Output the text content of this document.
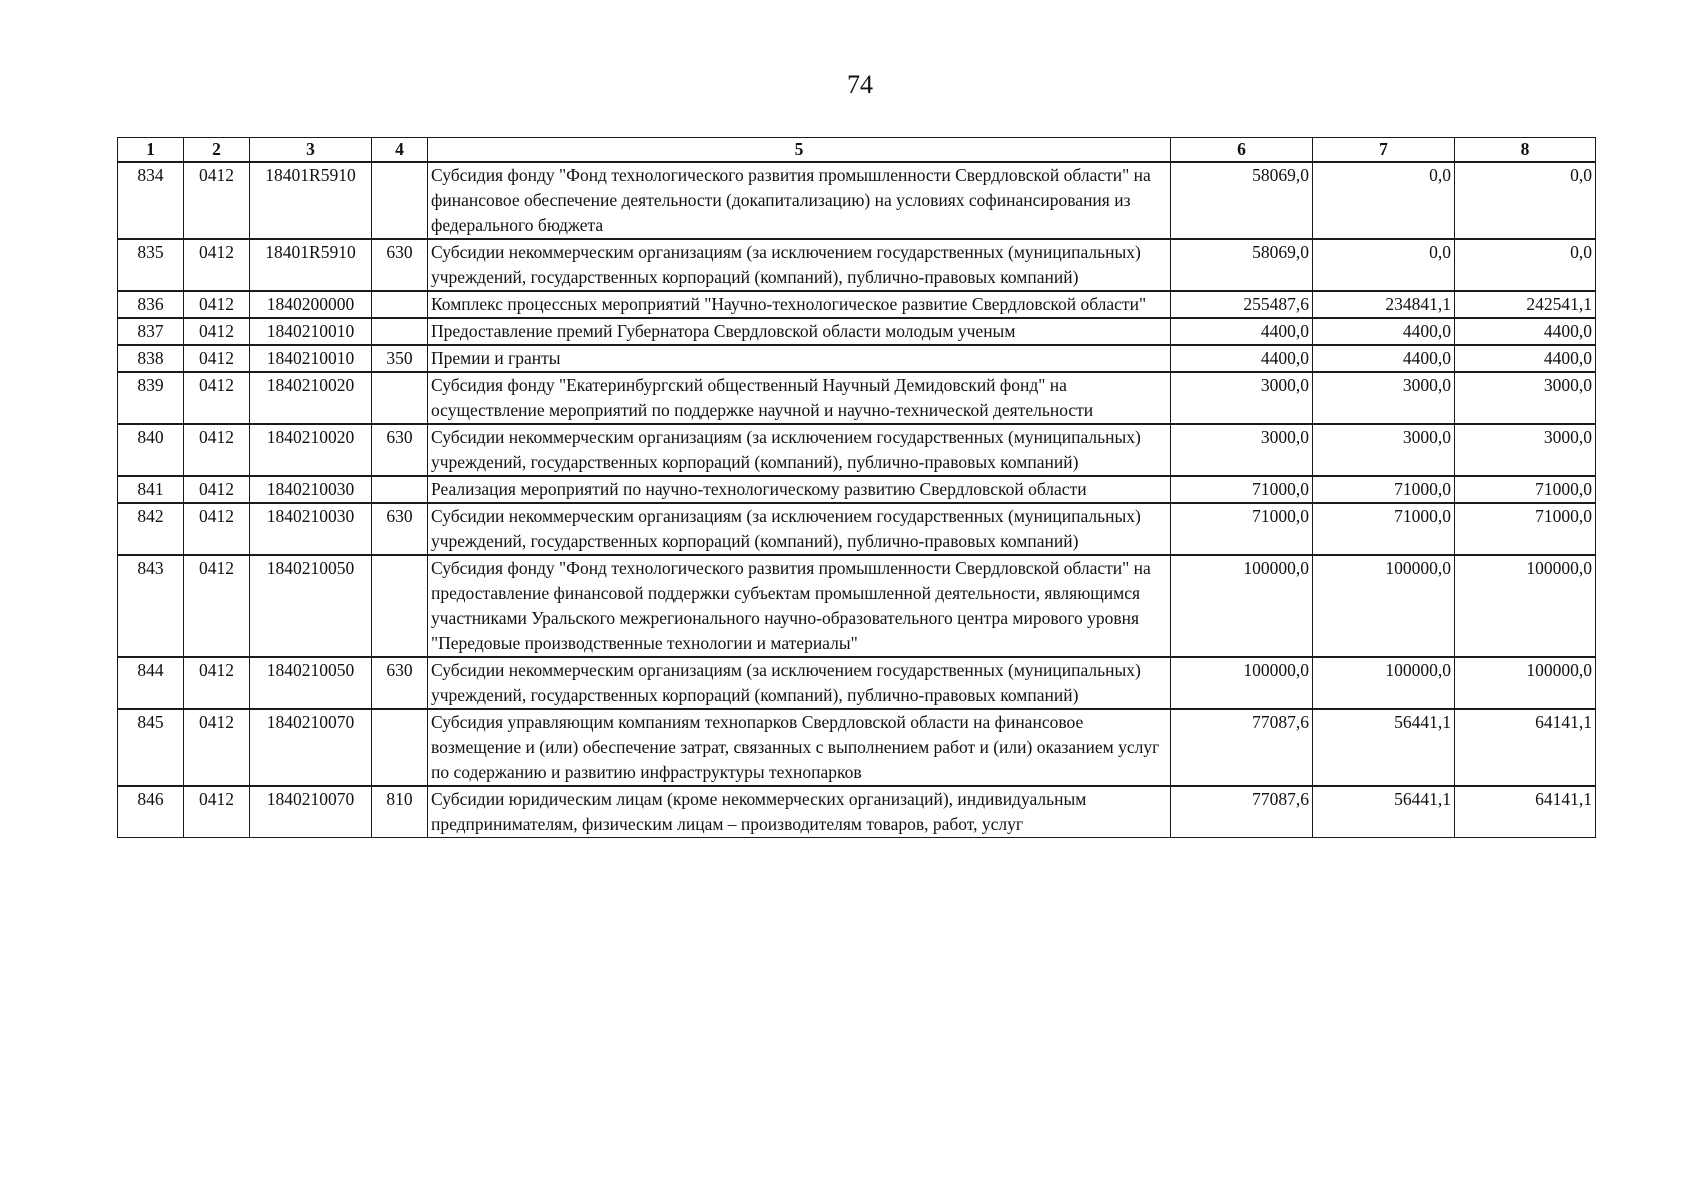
74
1	2	3	4	5	6	7	8
834	0412	18401R5910		Субсидия фонду "Фонд технологического развития промышленности Свердловской области" на финансовое обеспечение деятельности (докапитализацию) на условиях софинансирования из федерального бюджета	58069,0	0,0	0,0
835	0412	18401R5910	630	Субсидии некоммерческим организациям (за исключением государственных (муниципальных) учреждений, государственных корпораций (компаний), публично-правовых компаний)	58069,0	0,0	0,0
836	0412	1840200000		Комплекс процессных мероприятий "Научно-технологическое развитие Свердловской области"	255487,6	234841,1	242541,1
837	0412	1840210010		Предоставление премий Губернатора Свердловской области молодым ученым	4400,0	4400,0	4400,0
838	0412	1840210010	350	Премии и гранты	4400,0	4400,0	4400,0
839	0412	1840210020		Субсидия фонду "Екатеринбургский общественный Научный Демидовский фонд" на осуществление мероприятий по поддержке научной и научно-технической деятельности	3000,0	3000,0	3000,0
840	0412	1840210020	630	Субсидии некоммерческим организациям (за исключением государственных (муниципальных) учреждений, государственных корпораций (компаний), публично-правовых компаний)	3000,0	3000,0	3000,0
841	0412	1840210030		Реализация мероприятий по научно-технологическому развитию Свердловской области	71000,0	71000,0	71000,0
842	0412	1840210030	630	Субсидии некоммерческим организациям (за исключением государственных (муниципальных) учреждений, государственных корпораций (компаний), публично-правовых компаний)	71000,0	71000,0	71000,0
843	0412	1840210050		Субсидия фонду "Фонд технологического развития промышленности Свердловской области" на предоставление финансовой поддержки субъектам промышленной деятельности, являющимся участниками Уральского межрегионального научно-образовательного центра мирового уровня "Передовые производственные технологии и материалы"	100000,0	100000,0	100000,0
844	0412	1840210050	630	Субсидии некоммерческим организациям (за исключением государственных (муниципальных) учреждений, государственных корпораций (компаний), публично-правовых компаний)	100000,0	100000,0	100000,0
845	0412	1840210070		Субсидия управляющим компаниям технопарков Свердловской области на финансовое возмещение и (или) обеспечение затрат, связанных с выполнением работ и (или) оказанием услуг по содержанию и развитию инфраструктуры технопарков	77087,6	56441,1	64141,1
846	0412	1840210070	810	Субсидии юридическим лицам (кроме некоммерческих организаций), индивидуальным предпринимателям, физическим лицам – производителям товаров, работ, услуг	77087,6	56441,1	64141,1
